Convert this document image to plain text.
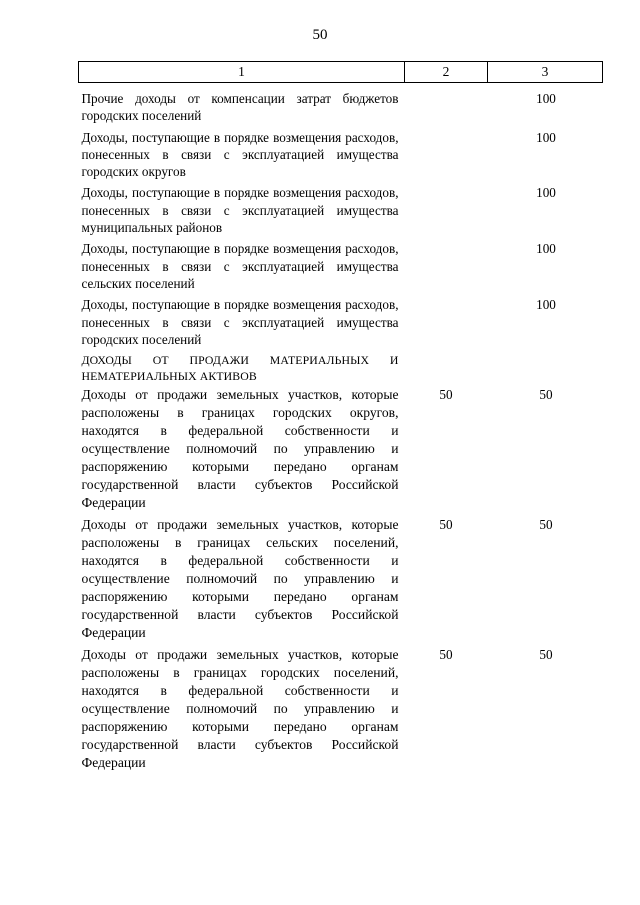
50
1	2	3
Прочие доходы от компенсации затрат бюджетов городских поселений		100
Доходы, поступающие в порядке возмещения расходов, понесенных в связи с эксплуатацией имущества городских округов		100
Доходы, поступающие в порядке возмещения расходов, понесенных в связи с эксплуатацией имущества муниципальных районов		100
Доходы, поступающие в порядке возмещения расходов, понесенных в связи с эксплуатацией имущества сельских поселений		100
Доходы, поступающие в порядке возмещения расходов, понесенных в связи с эксплуатацией имущества городских поселений		100
ДОХОДЫ ОТ ПРОДАЖИ МАТЕРИАЛЬНЫХ И НЕМАТЕРИАЛЬНЫХ АКТИВОВ		
Доходы от продажи земельных участков, которые расположены в границах городских округов, находятся в федеральной собственности и осуществление полномочий по управлению и распоряжению которыми передано органам государственной власти субъектов Российской Федерации	50	50
Доходы от продажи земельных участков, которые расположены в границах сельских поселений, находятся в федеральной собственности и осуществление полномочий по управлению и распоряжению которыми передано органам государственной власти субъектов Российской Федерации	50	50
Доходы от продажи земельных участков, которые расположены в границах городских поселений, находятся в федеральной собственности и осуществление полномочий по управлению и распоряжению которыми передано органам государственной власти субъектов Российской Федерации	50	50
